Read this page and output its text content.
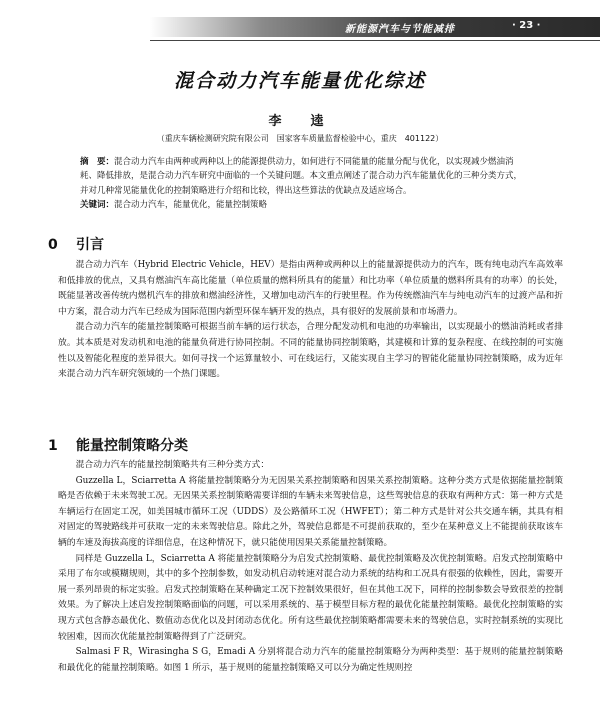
新能源汽车与节能减排	· 23 ·
混合动力汽车能量优化综述
李　逵
（重庆车辆检测研究院有限公司　国家客车质量监督检验中心，重庆　401122）

摘　要：混合动力汽车由两种或两种以上的能源提供动力，如何进行不同能量的能量分配与优化，以实现减少燃油消耗、降低排放，是混合动力汽车研究中面临的一个关键问题。本文重点阐述了混合动力汽车能量优化的三种分类方式，并对几种常见能量优化的控制策略进行介绍和比较，得出这些算法的优缺点及适应场合。

关键词：混合动力汽车，能量优化，能量控制策略

0 引言

混合动力汽车（Hybrid Electric Vehicle，HEV）是指由两种或两种以上的能量源提供动力的汽车，既有纯电动汽车高效率和低排放的优点，又具有燃油汽车高比能量（单位质量的燃料所具有的能量）和比功率（单位质量的燃料所具有的功率）的长处，既能显著改善传统内燃机汽车的排放和燃油经济性，又增加电动汽车的行驶里程。作为传统燃油汽车与纯电动汽车的过渡产品和折中方案，混合动力汽车已经成为国际范围内新型环保车辆开发的热点，具有很好的发展前景和市场潜力。

混合动力汽车的能量控制策略可根据当前车辆的运行状态，合理分配发动机和电池的功率输出，以实现最小的燃油消耗或者排放。其本质是对发动机和电池的能量负荷进行协同控制。不同的能量协同控制策略，其建模和计算的复杂程度、在线控制的可实施性以及智能化程度的差异很大。如何寻找一个运算量较小、可在线运行，又能实现自主学习的智能化能量协同控制策略，成为近年来混合动力汽车研究领域的一个热门课题。

1 能量控制策略分类

混合动力汽车的能量控制策略共有三种分类方式：

Guzzella L，Sciarretta A 将能量控制策略分为无因果关系控制策略和因果关系控制策略。这种分类方式是依据能量控制策略是否依赖于未来驾驶工况。无因果关系控制策略需要详细的车辆未来驾驶信息，这些驾驶信息的获取有两种方式：第一种方式是车辆运行在固定工况，如美国城市循环工况（UDDS）及公路循环工况（HWFET）；第二种方式是针对公共交通车辆，其具有相对固定的驾驶路线并可获取一定的未来驾驶信息。除此之外，驾驶信息都是不可提前获取的，至少在某种意义上不能提前获取该车辆的车速及海拔高度的详细信息，在这种情况下，就只能使用因果关系能量控制策略。

同样是 Guzzella L，Sciarretta A 将能量控制策略分为启发式控制策略、最优控制策略及次优控制策略。启发式控制策略中采用了布尔或模糊规则，其中的多个控制参数，如发动机启动转速对混合动力系统的结构和工况具有很强的依赖性，因此，需要开展一系列昂贵的标定实验。启发式控制策略在某种确定工况下控制效果很好，但在其他工况下，同样的控制参数会导致很差的控制效果。为了解决上述启发控制策略面临的问题，可以采用系统的、基于模型目标方程的最优化能量控制策略。最优化控制策略的实现方式包含静态最优化、数值动态优化以及封闭动态优化。所有这些最优控制策略都需要未来的驾驶信息，实时控制系统的实现比较困难，因而次优能量控制策略得到了广泛研究。

Salmasi F R，Wirasingha S G，Emadi A 分别将混合动力汽车的能量控制策略分为两种类型：基于规则的能量控制策略和最优化的能量控制策略。如图 1 所示，基于规则的能量控制策略又可以分为确定性规则控
